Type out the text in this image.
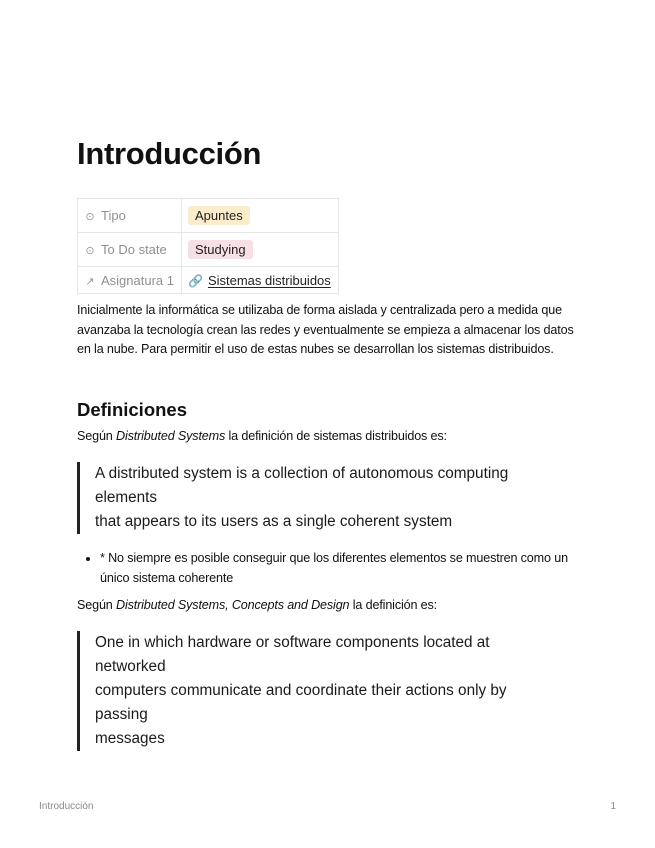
Introducción
⊙ Tipo	Apuntes
⊙ To Do state	Studying
↗ Asignatura 1	🔗 Sistemas distribuidos

Inicialmente la informática se utilizaba de forma aislada y centralizada pero a medida que avanzaba la tecnología crean las redes y eventualmente se empieza a almacenar los datos en la nube. Para permitir el uso de estas nubes se desarrollan los sistemas distribuidos.

Definiciones

Según Distributed Systems la definición de sistemas distribuidos es:

A distributed system is a collection of autonomous computing elements
that appears to its users as a single coherent system
• * No siempre es posible conseguir que los diferentes elementos se muestren como un único sistema coherente

Según Distributed Systems, Concepts and Design la definición es:

One in which hardware or software components located at networked
computers communicate and coordinate their actions only by passing
messages
Introducción	1
